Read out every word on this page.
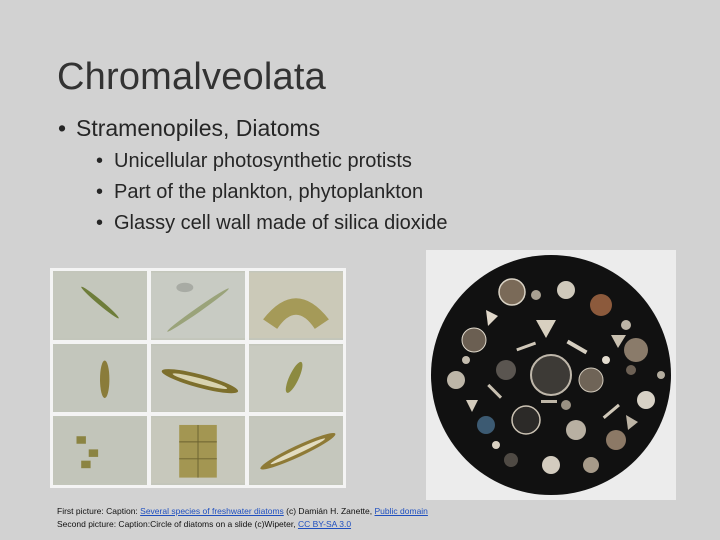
Chromalveolata
• Stramenopiles, Diatoms
• Unicellular photosynthetic protists
• Part of the plankton, phytoplankton
• Glassy cell wall made of silica dioxide
First picture: Caption: Several species of freshwater diatoms (c) Damián H. Zanette, Public domain
Second picture: Caption:Circle of diatoms on a slide (c)Wipeter, CC BY-SA 3.0
